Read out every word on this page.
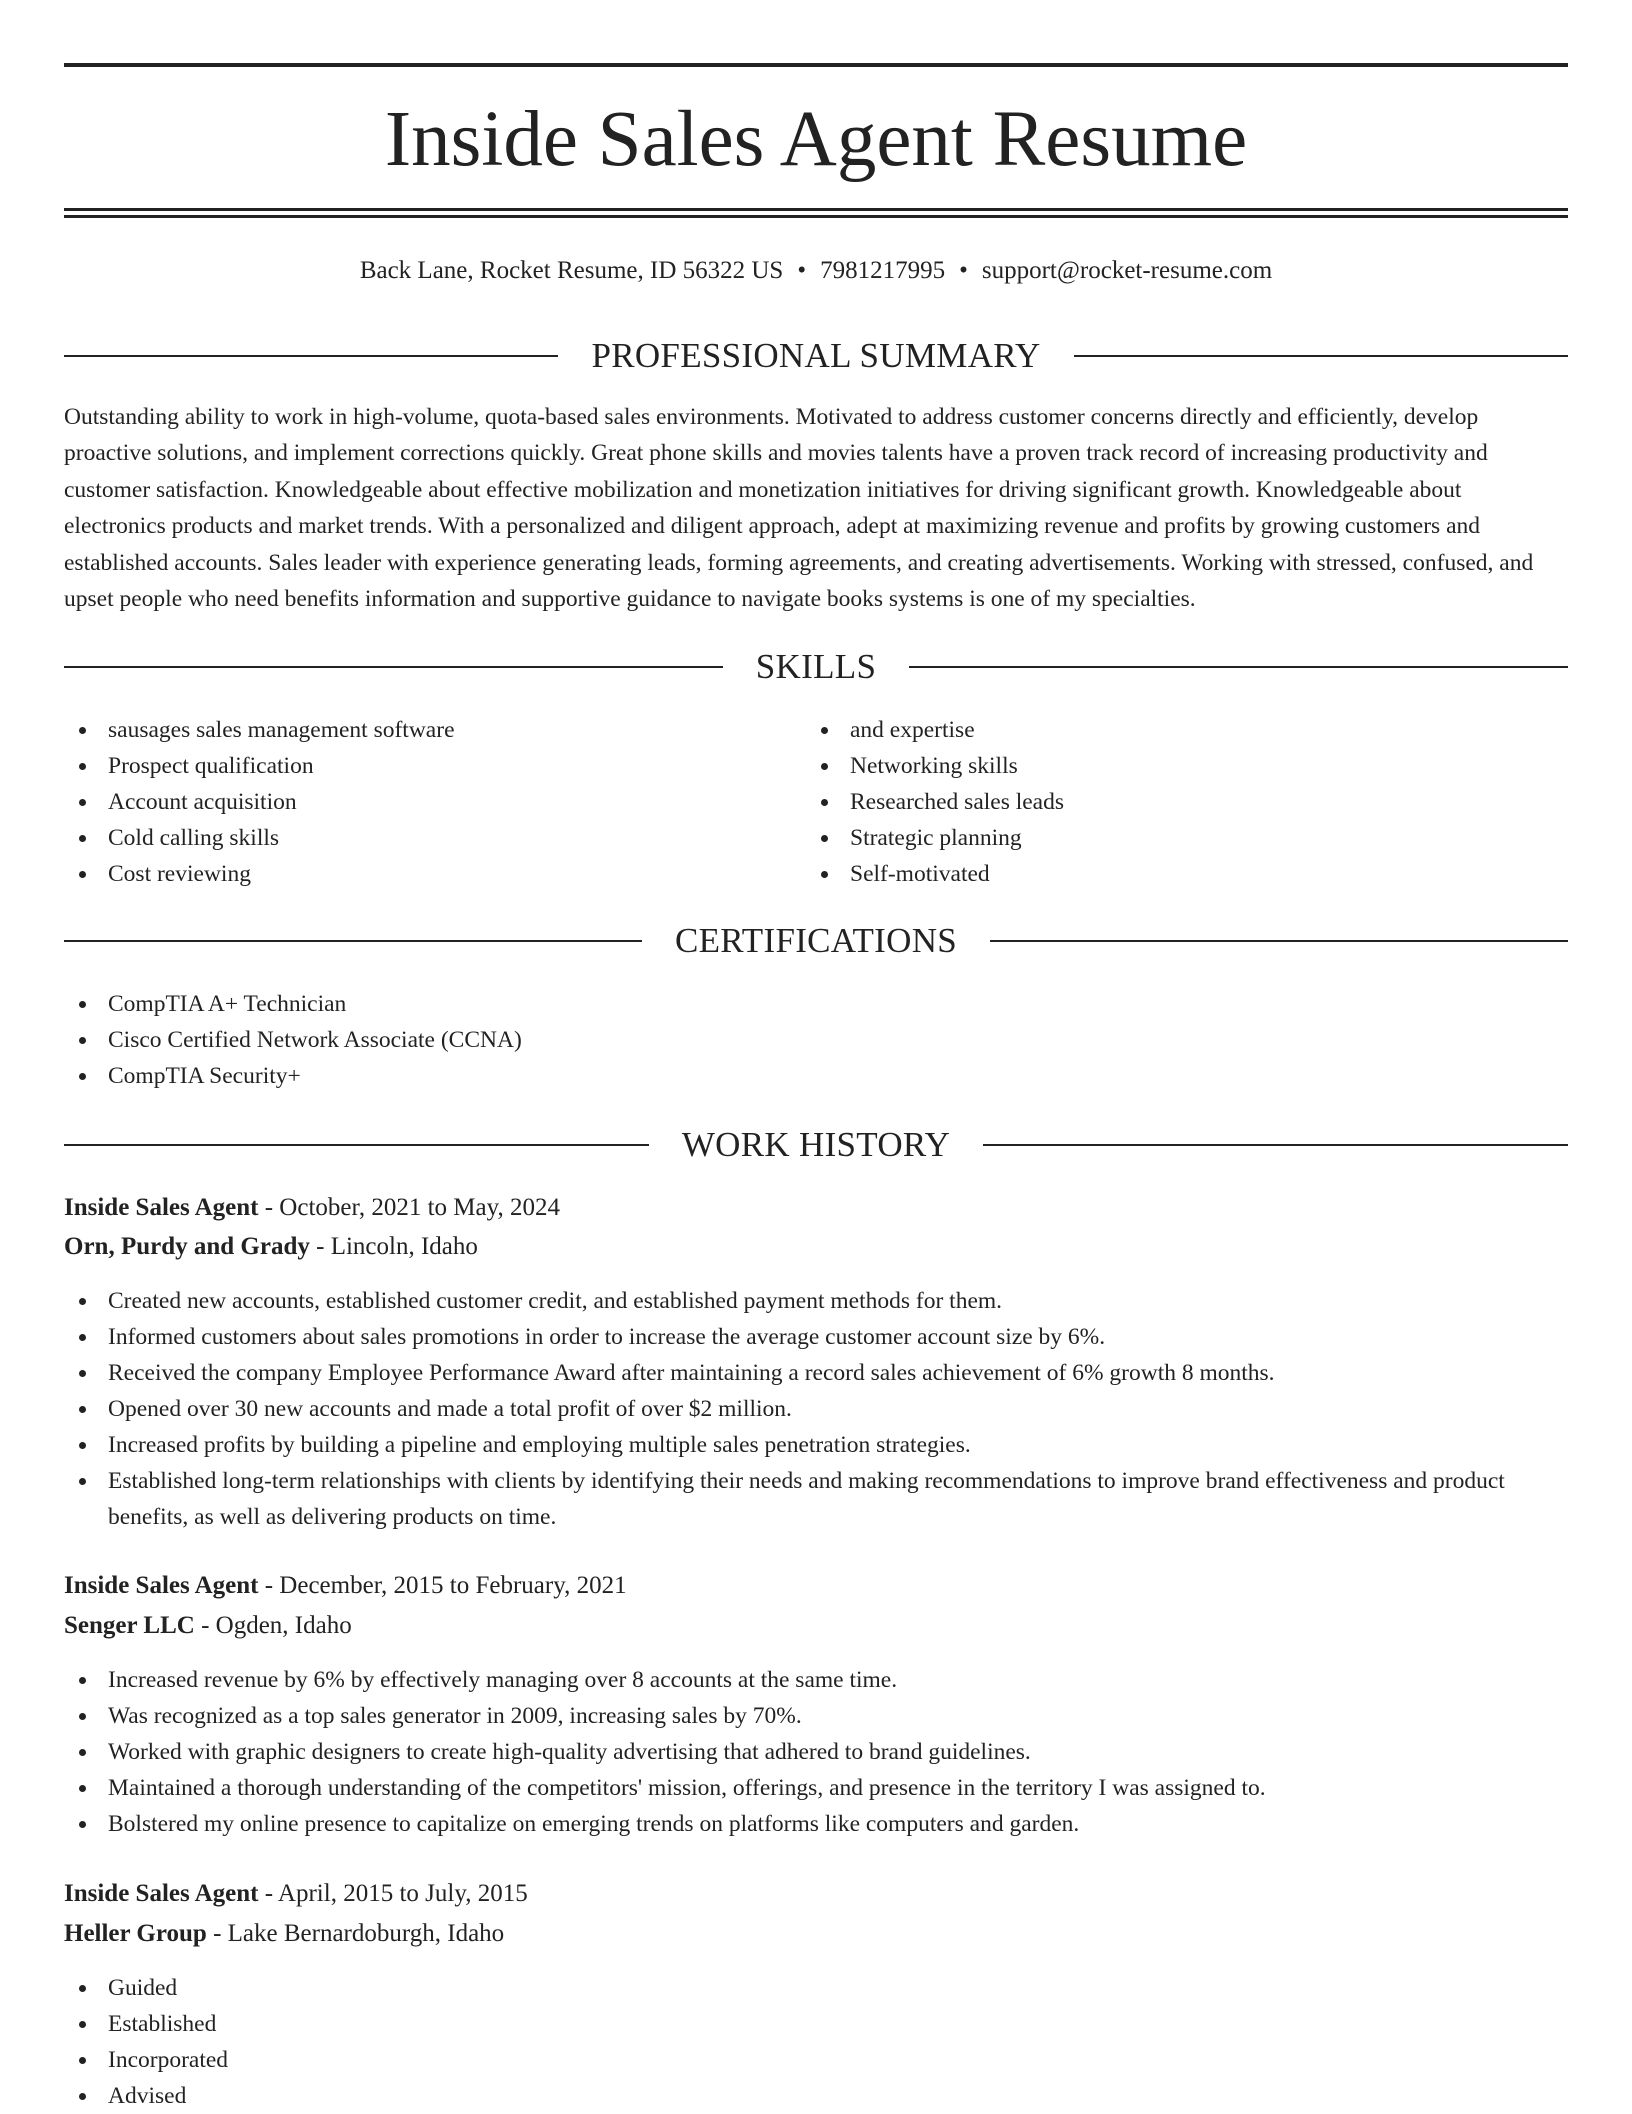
Inside Sales Agent Resume
Back Lane, Rocket Resume, ID 56322 US • 7981217995 • support@rocket-resume.com
PROFESSIONAL SUMMARY

Outstanding ability to work in high-volume, quota-based sales environments. Motivated to address customer concerns directly and efficiently, develop proactive solutions, and implement corrections quickly. Great phone skills and movies talents have a proven track record of increasing productivity and customer satisfaction. Knowledgeable about effective mobilization and monetization initiatives for driving significant growth. Knowledgeable about electronics products and market trends. With a personalized and diligent approach, adept at maximizing revenue and profits by growing customers and established accounts. Sales leader with experience generating leads, forming agreements, and creating advertisements. Working with stressed, confused, and upset people who need benefits information and supportive guidance to navigate books systems is one of my specialties.

SKILLS
sausages sales management software
Prospect qualification
Account acquisition
Cold calling skills
Cost reviewing
and expertise
Networking skills
Researched sales leads
Strategic planning
Self-motivated
CERTIFICATIONS
CompTIA A+ Technician
Cisco Certified Network Associate (CCNA)
CompTIA Security+
WORK HISTORY
Inside Sales Agent - October, 2021 to May, 2024
Orn, Purdy and Grady - Lincoln, Idaho
Created new accounts, established customer credit, and established payment methods for them.
Informed customers about sales promotions in order to increase the average customer account size by 6%.
Received the company Employee Performance Award after maintaining a record sales achievement of 6% growth 8 months.
Opened over 30 new accounts and made a total profit of over $2 million.
Increased profits by building a pipeline and employing multiple sales penetration strategies.
Established long-term relationships with clients by identifying their needs and making recommendations to improve brand effectiveness and product benefits, as well as delivering products on time.
Inside Sales Agent - December, 2015 to February, 2021
Senger LLC - Ogden, Idaho
Increased revenue by 6% by effectively managing over 8 accounts at the same time.
Was recognized as a top sales generator in 2009, increasing sales by 70%.
Worked with graphic designers to create high-quality advertising that adhered to brand guidelines.
Maintained a thorough understanding of the competitors' mission, offerings, and presence in the territory I was assigned to.
Bolstered my online presence to capitalize on emerging trends on platforms like computers and garden.
Inside Sales Agent - April, 2015 to July, 2015
Heller Group - Lake Bernardoburgh, Idaho
Guided
Established
Incorporated
Advised
